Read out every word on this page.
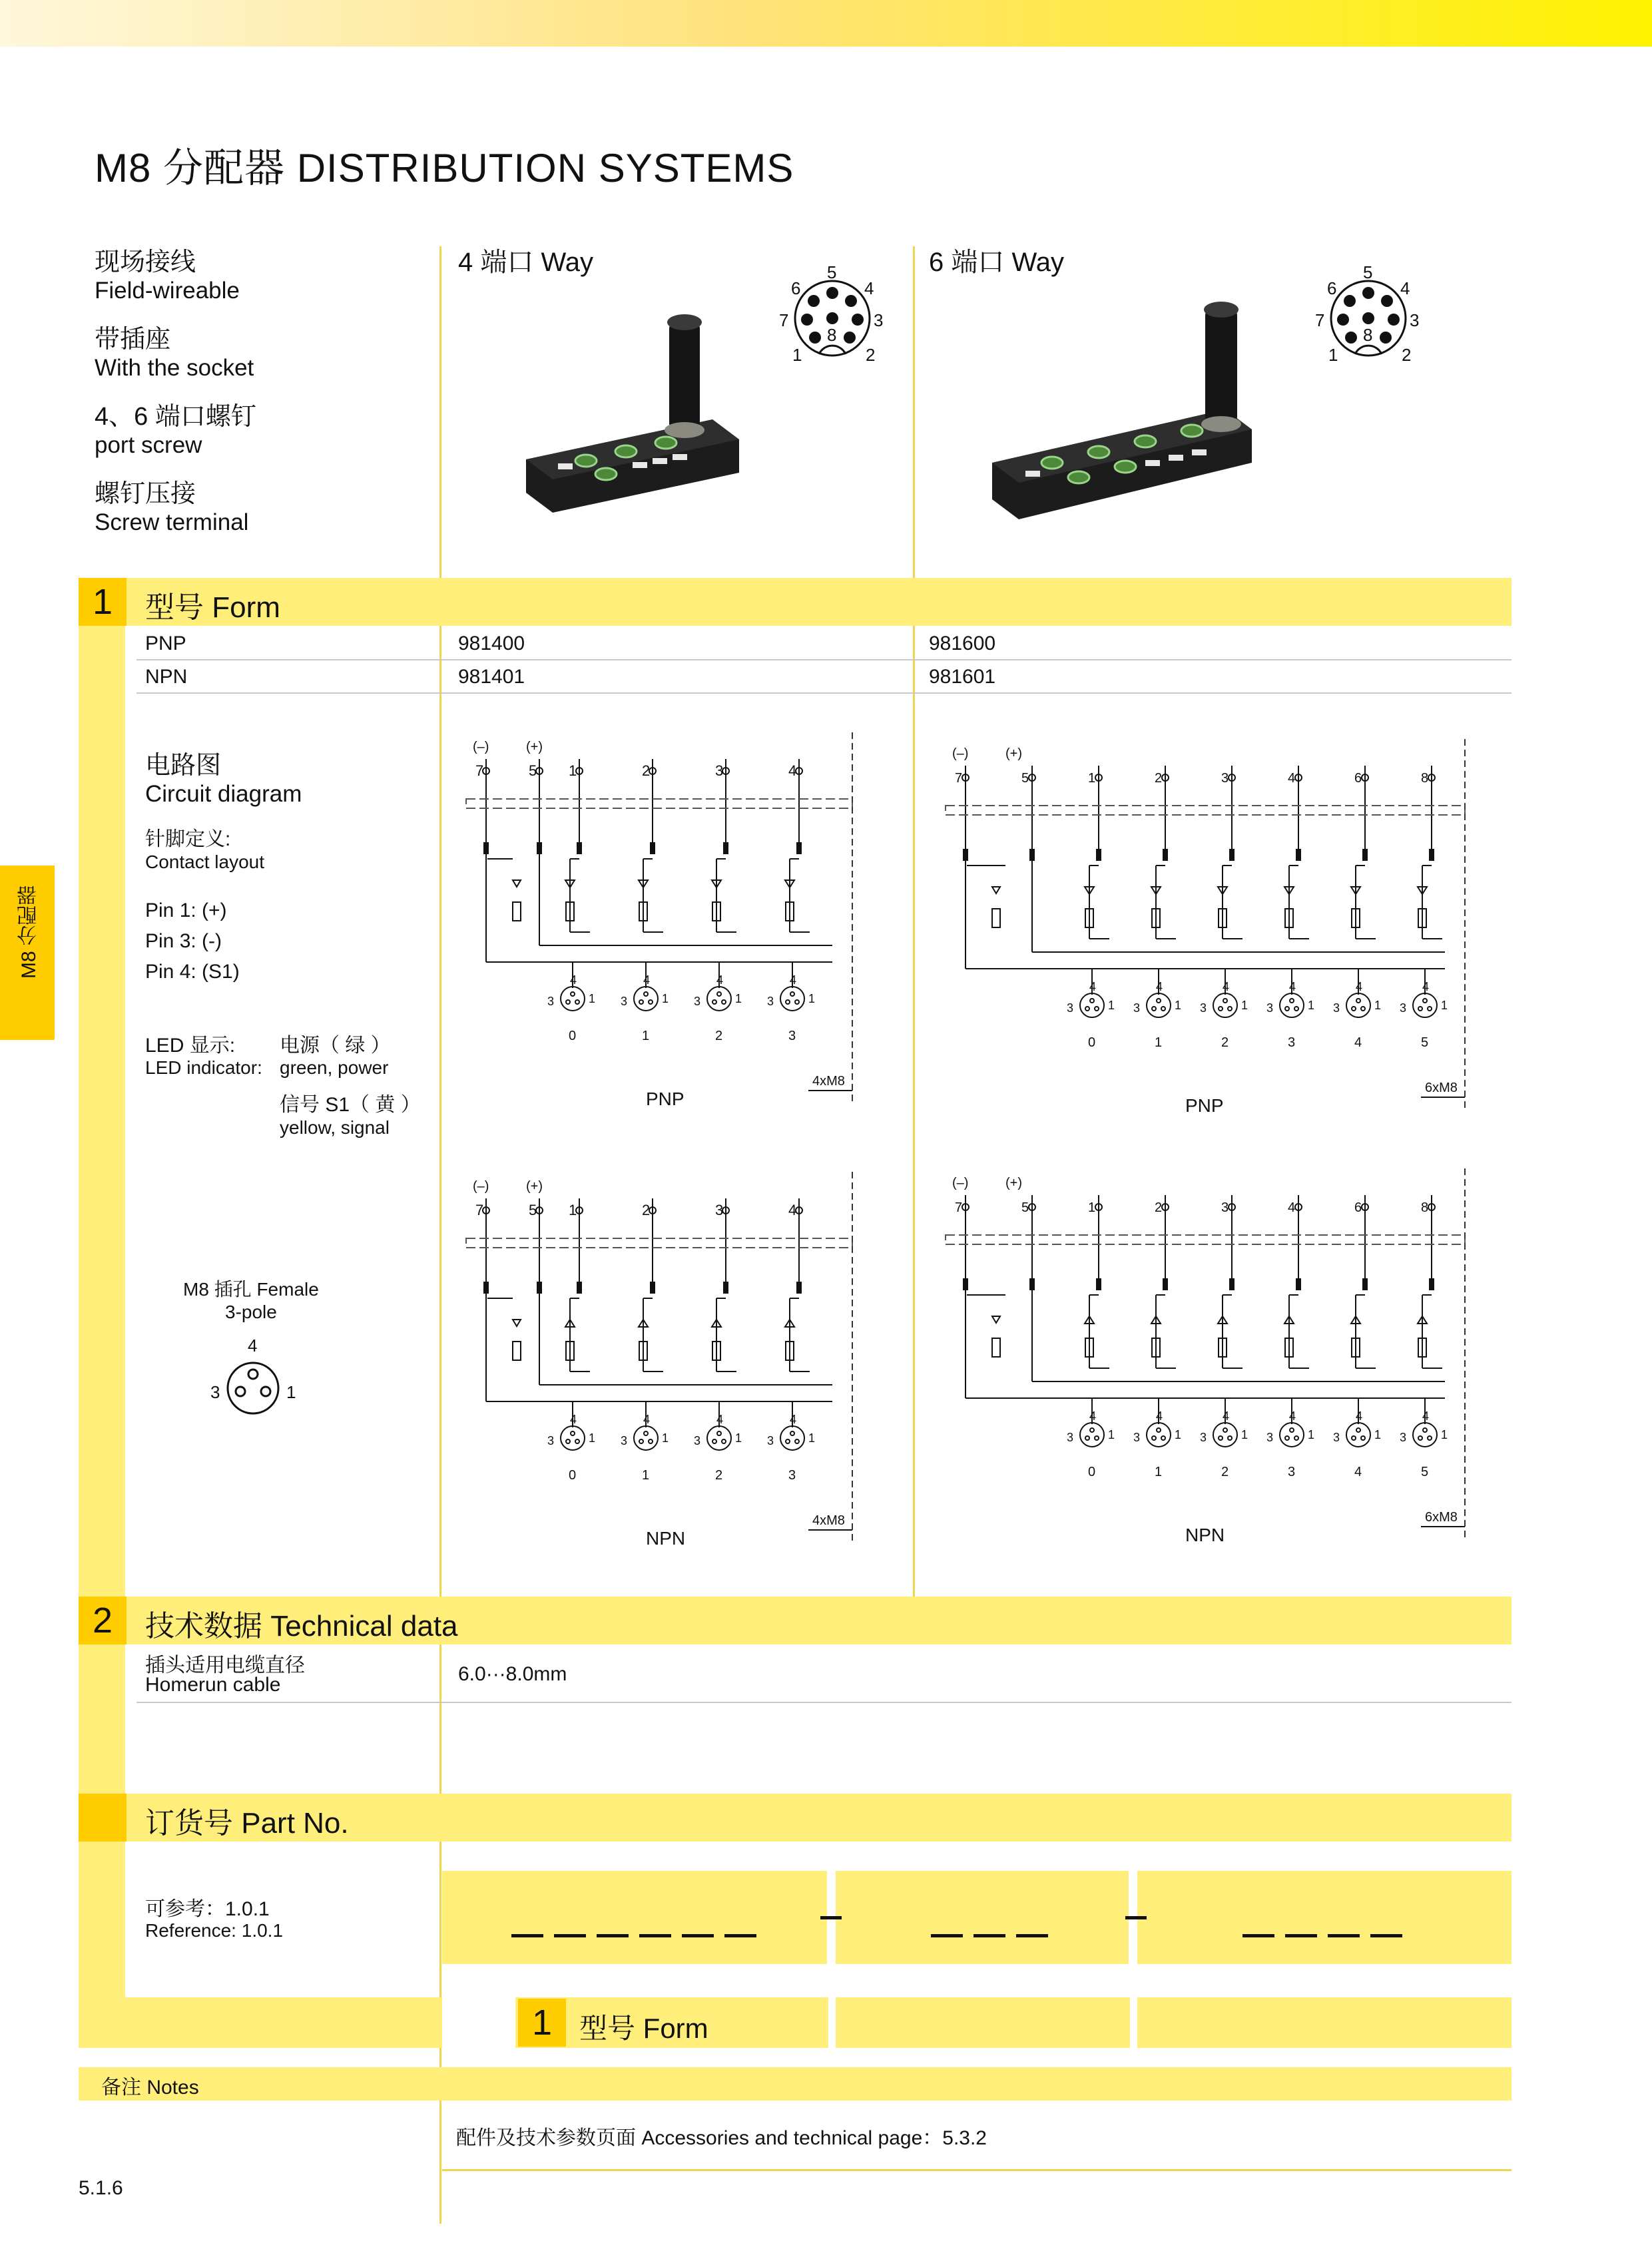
M8 分配器 DISTRIBUTION SYSTEMS
M8 分配器
现场接线
Field-wireable
带插座
With the socket
4、6 端口螺钉
port screw
螺钉压接
Screw terminal
4 端口 Way	6 端口 Way
5
4
3
2
6
7
1
8
5
4
3
2
6
7
1
8
1	型号 Form
PNP	981400	981600
NPN	981401	981601
电路图
Circuit diagram
针脚定义:
Contact layout
Pin 1: (+)
Pin 3: (-)
Pin 4: (S1)
LED 显示:
LED indicator:
电源（ 绿 ）
green, power
信号 S1（ 黄 ）
yellow, signal
M8 插孔 Female
3-pole
4
3	1
(–)	(+)
7	5 1	2	3	4
4
3	1
0
4
3	1
1
4
3	1
2
4
3	1
3
4xM8
PNP
(–)	(+)
7	5	1	2	3	4	6	8
4
3	1
0
4
3	1
1
4
3	1
2
4
3	1
3
4
3	1
4
4
3	1
5
6xM8
PNP
(–)	(+)
7	5 1	2	3	4
4
3	1
0
4
3	1
1
4
3	1
2
4
3	1
3
4xM8
NPN
(–)	(+)
7	5	1	2	3	4	6	8
4
3	1
0
4
3	1
1
4
3	1
2
4
3	1
3
4
3	1
4
4
3	1
5
6xM8
NPN
2	技术数据 Technical data
插头适用电缆直径
Homerun cable	6.0···8.0mm
订货号 Part No.
可参考：1.0.1
Reference: 1.0.1
1 型号 Form
备注 Notes
配件及技术参数页面 Accessories and technical page：5.3.2
5.1.6
